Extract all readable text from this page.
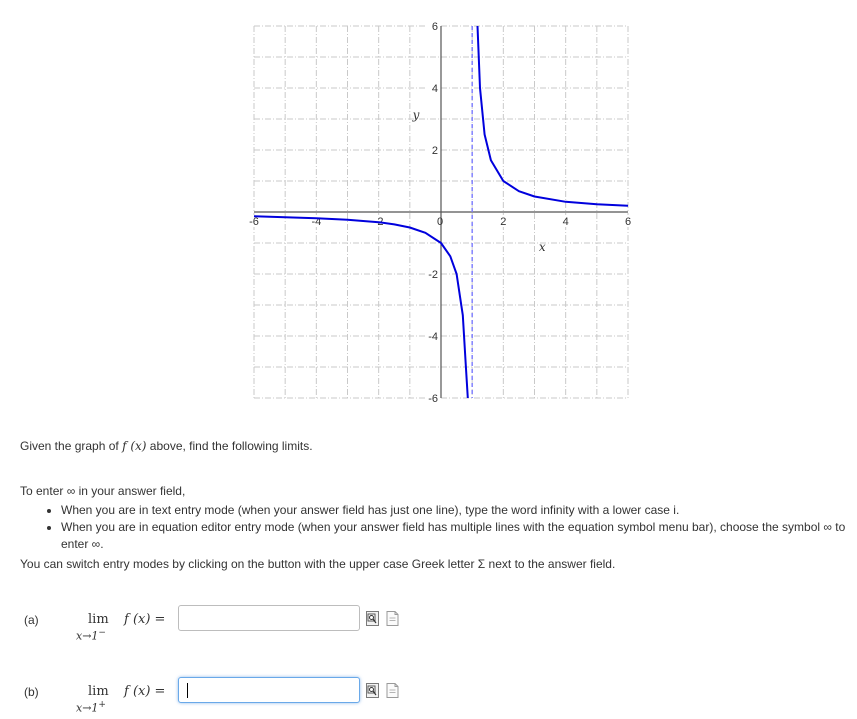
-6	-4	-2	2	4	6
0
6
4
2
-2
-4
-6
y
x
Given the graph of f (x) above, find the following limits.
To enter ∞ in your answer field,
• When you are in text entry mode (when your answer field has just one line), type the word infinity with a lower case i.
• When you are in equation editor entry mode (when your answer field has multiple lines with the equation symbol menu bar), choose the symbol ∞ to enter ∞.
You can switch entry modes by clicking on the button with the upper case Greek letter Σ next to the answer field.
(a)	lim
x→1−
f (x) =
(b)	lim
x→1+
f (x) =
